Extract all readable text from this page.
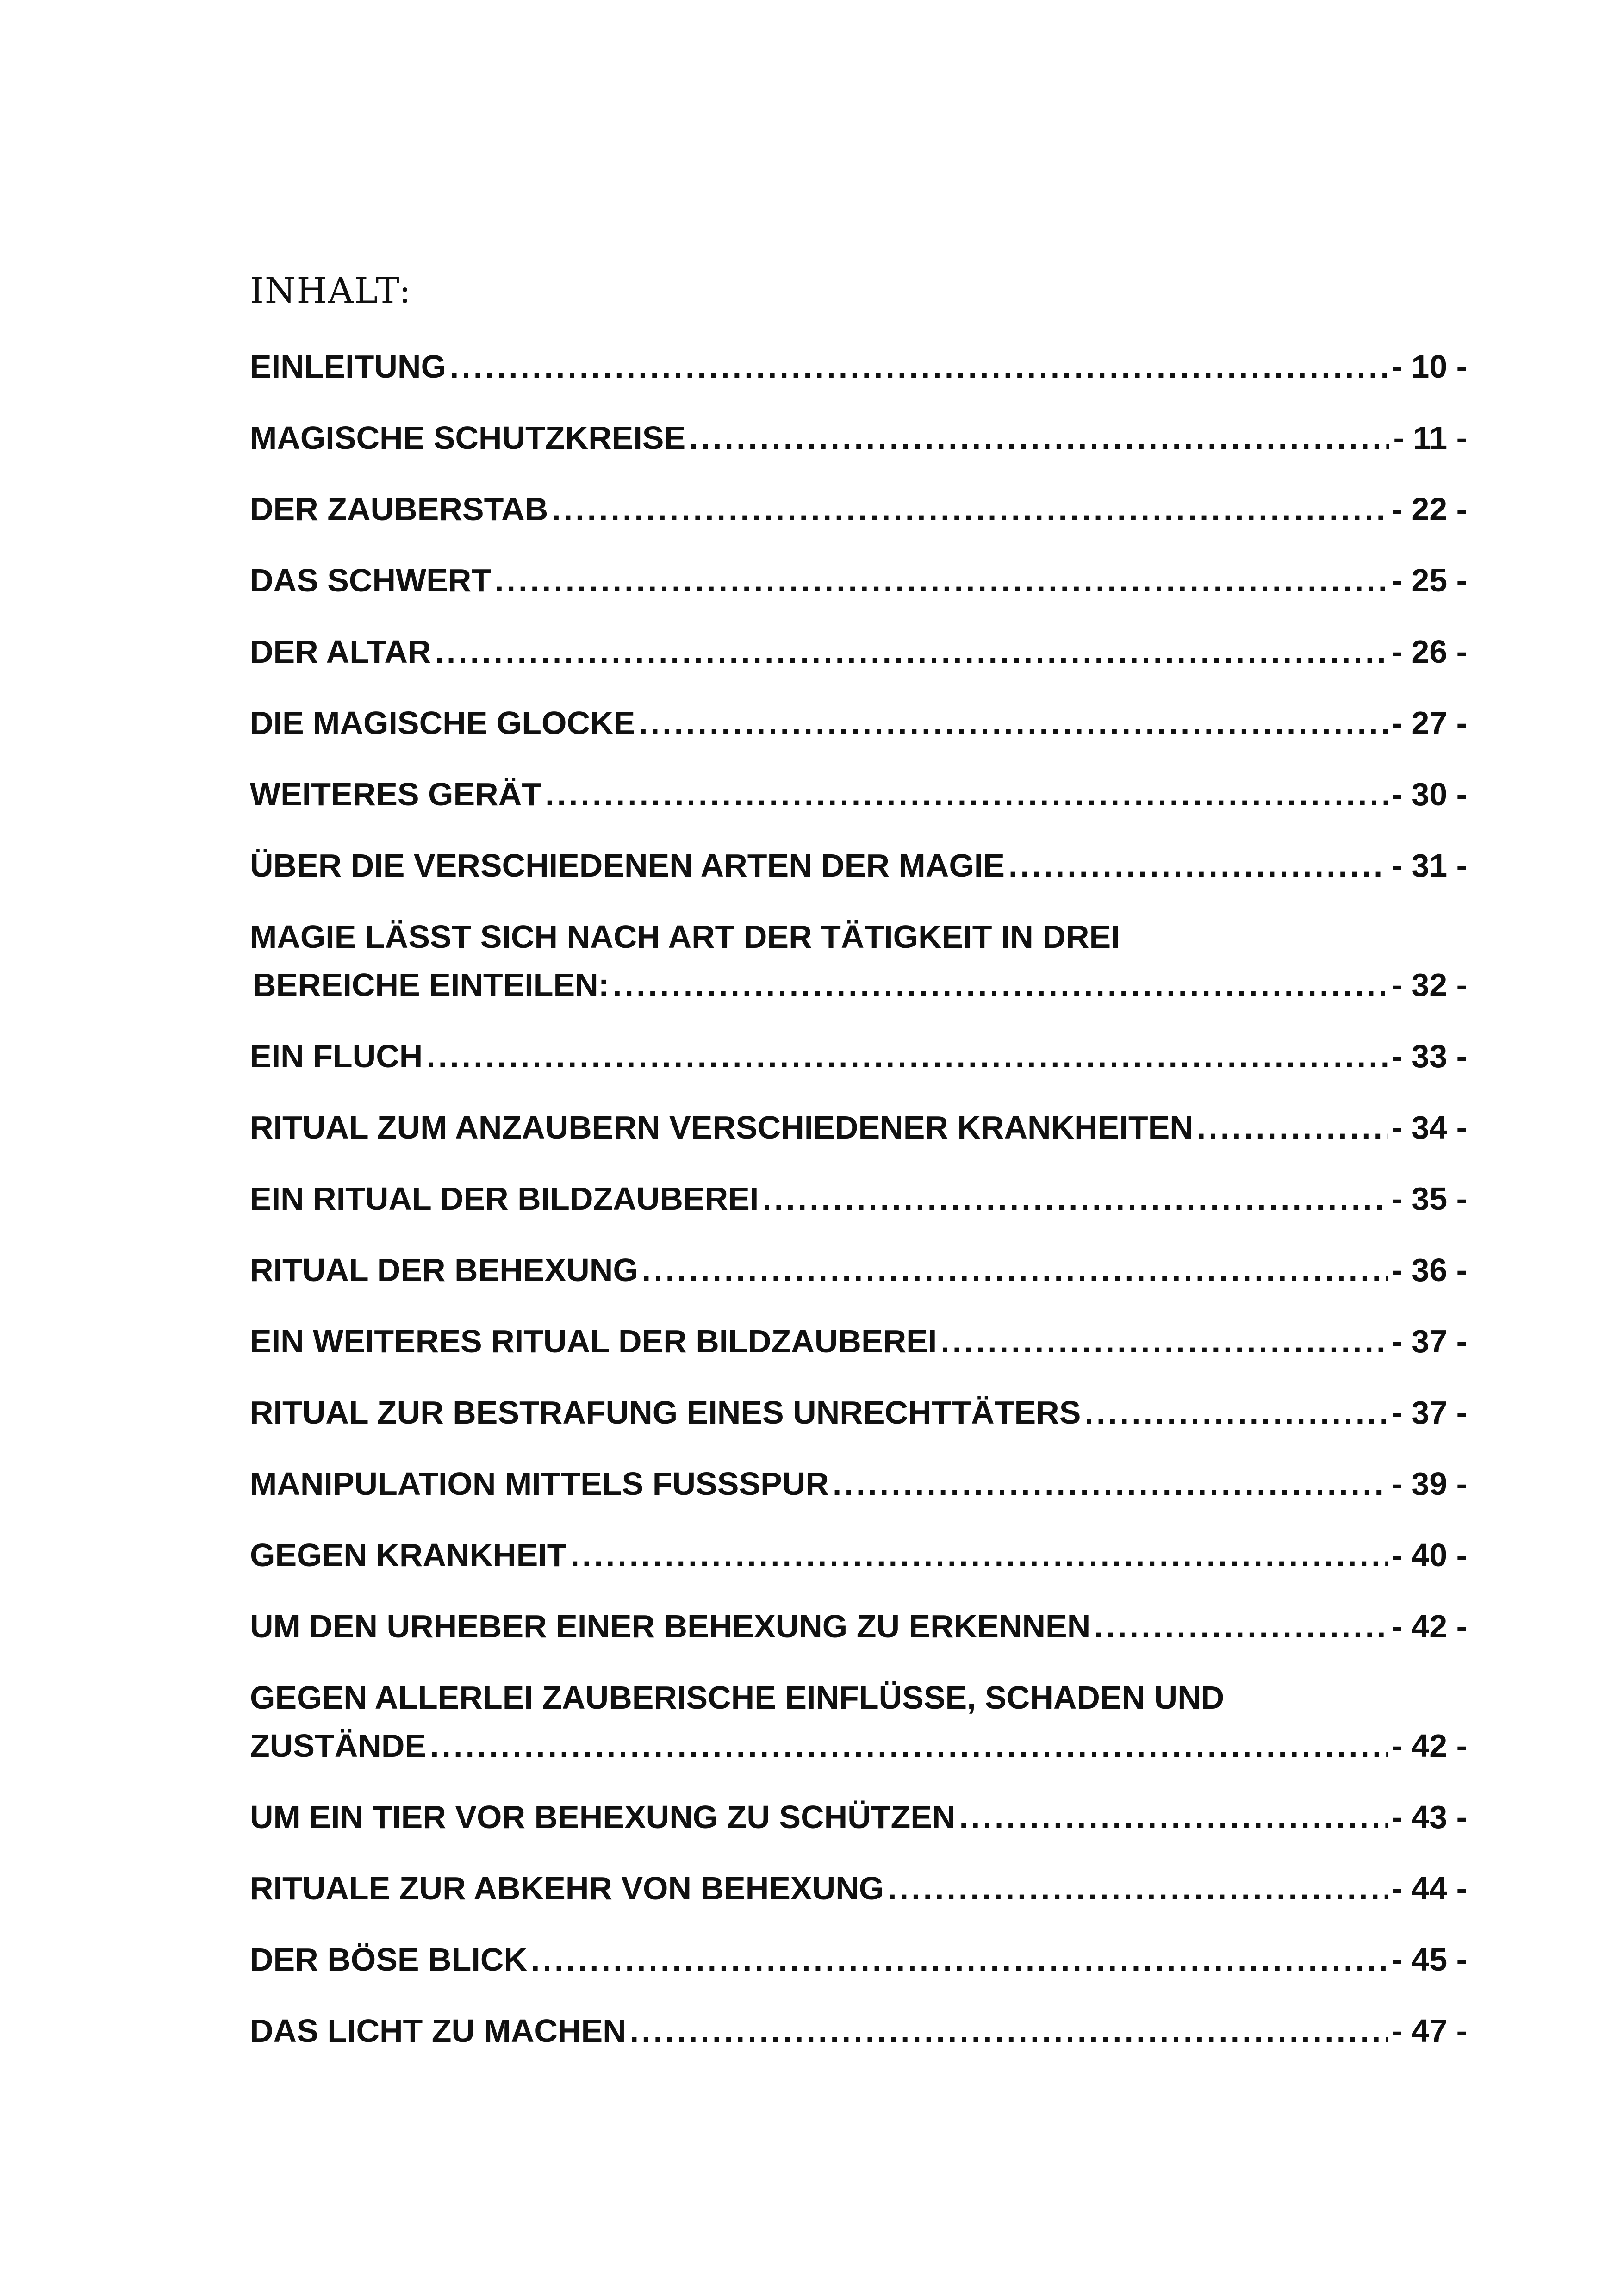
INHALT:
EINLEITUNG .....	- 10 -
MAGISCHE SCHUTZKREISE .....	- 11 -
DER ZAUBERSTAB .....	- 22 -
DAS SCHWERT .....	- 25 -
DER ALTAR .....	- 26 -
DIE MAGISCHE GLOCKE .....	- 27 -
WEITERES GERÄT .....	- 30 -
ÜBER DIE VERSCHIEDENEN ARTEN DER MAGIE .....	- 31 -
MAGIE LÄSST SICH NACH ART DER TÄTIGKEIT IN DREI
BEREICHE EINTEILEN: .....	- 32 -
EIN FLUCH .....	- 33 -
RITUAL ZUM ANZAUBERN VERSCHIEDENER KRANKHEITEN .....	- 34 -
EIN RITUAL DER BILDZAUBEREI .....	- 35 -
RITUAL DER BEHEXUNG .....	- 36 -
EIN WEITERES RITUAL DER BILDZAUBEREI .....	- 37 -
RITUAL ZUR BESTRAFUNG EINES UNRECHTTÄTERS .....	- 37 -
MANIPULATION MITTELS FUSSSPUR .....	- 39 -
GEGEN KRANKHEIT .....	- 40 -
UM DEN URHEBER EINER BEHEXUNG ZU ERKENNEN .....	- 42 -
GEGEN ALLERLEI ZAUBERISCHE EINFLÜSSE, SCHADEN UND
ZUSTÄNDE .....	- 42 -
UM EIN TIER VOR BEHEXUNG ZU SCHÜTZEN .....	- 43 -
RITUALE ZUR ABKEHR VON BEHEXUNG .....	- 44 -
DER BÖSE BLICK .....	- 45 -
DAS LICHT ZU MACHEN .....	- 47 -
